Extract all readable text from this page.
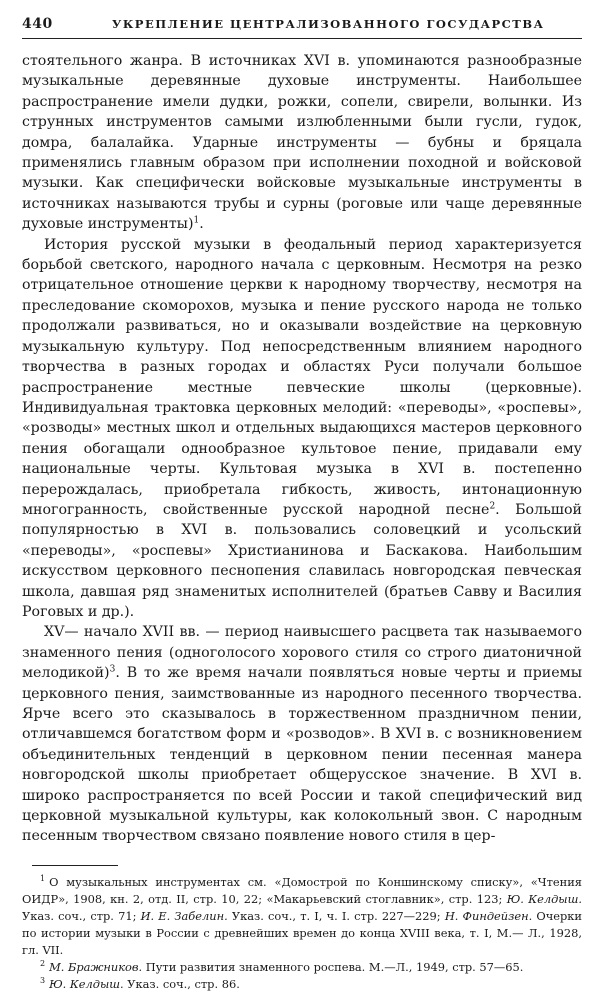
440	УКРЕПЛЕНИЕ ЦЕНТРАЛИЗОВАННОГО ГОСУДАРСТВА

стоятельного жанра. В источниках XVI в. упоминаются разнообразные музыкальные деревянные духовые инструменты. Наибольшее распространение имели дудки, рожки, сопели, свирели, волынки. Из струнных инструментов самыми излюбленными были гусли, гудок, домра, балалайка. Ударные инструменты — бубны и бряцала применялись главным образом при исполнении походной и войсковой музыки. Как специфически войсковые музыкальные инструменты в источниках называются трубы и сурны (роговые или чаще деревянные духовые инструменты)$^1$.

История русской музыки в феодальный период характеризуется борьбой светского, народного начала с церковным. Несмотря на резко отрицательное отношение церкви к народному творчеству, несмотря на преследование скоморохов, музыка и пение русского народа не только продолжали развиваться, но и оказывали воздействие на церковную музыкальную культуру. Под непосредственным влиянием народного творчества в разных городах и областях Руси получали большое распространение местные певческие школы (церковные). Индивидуальная трактовка церковных мелодий: «переводы», «роспевы», «розводы» местных школ и отдельных выдающихся мастеров церковного пения обогащали однообразное культовое пение, придавали ему национальные черты. Культовая музыка в XVI в. постепенно перерождалась, приобретала гибкость, живость, интонационную многогранность, свойственные русской народной песне$^2$. Большой популярностью в XVI в. пользовались соловецкий и усольский «переводы», «роспевы» Христианинова и Баскакова. Наибольшим искусством церковного песнопения славилась новгородская певческая школа, давшая ряд знаменитых исполнителей (братьев Савву и Василия Роговых и др.).

XV— начало XVII вв. — период наивысшего расцвета так называемого знаменного пения (одноголосого хорового стиля со строго диатоничной мелодикой)$^3$. В то же время начали появляться новые черты и приемы церковного пения, заимствованные из народного песенного творчества. Ярче всего это сказывалось в торжественном праздничном пении, отличавшемся богатством форм и «розводов». В XVI в. с возникновением объединительных тенденций в церковном пении песенная манера новгородской школы приобретает общерусское значение. В XVI в. широко распространяется по всей России и такой специфический вид церковной музыкальной культуры, как колокольный звон. С народным песенным творчеством связано появление нового стиля в цер-

$^1$ О музыкальных инструментах см. «Домострой по Коншинскому списку», «Чтения ОИДР», 1908, кн. 2, отд. II, стр. 10, 22; «Макарьевский стоглавник», стр. 123; Ю. Келдыш. Указ. соч., стр. 71; И. Е. Забелин. Указ. соч., т. I, ч. I. стр. 227—229; Н. Финдейзен. Очерки по истории музыки в России с древнейших времен до конца XVIII века, т. I, М.— Л., 1928, гл. VII.

$^2$ М. Бражников. Пути развития знаменного роспева. М.—Л., 1949, стр. 57—65.

$^3$ Ю. Келдыш. Указ. соч., стр. 86.
